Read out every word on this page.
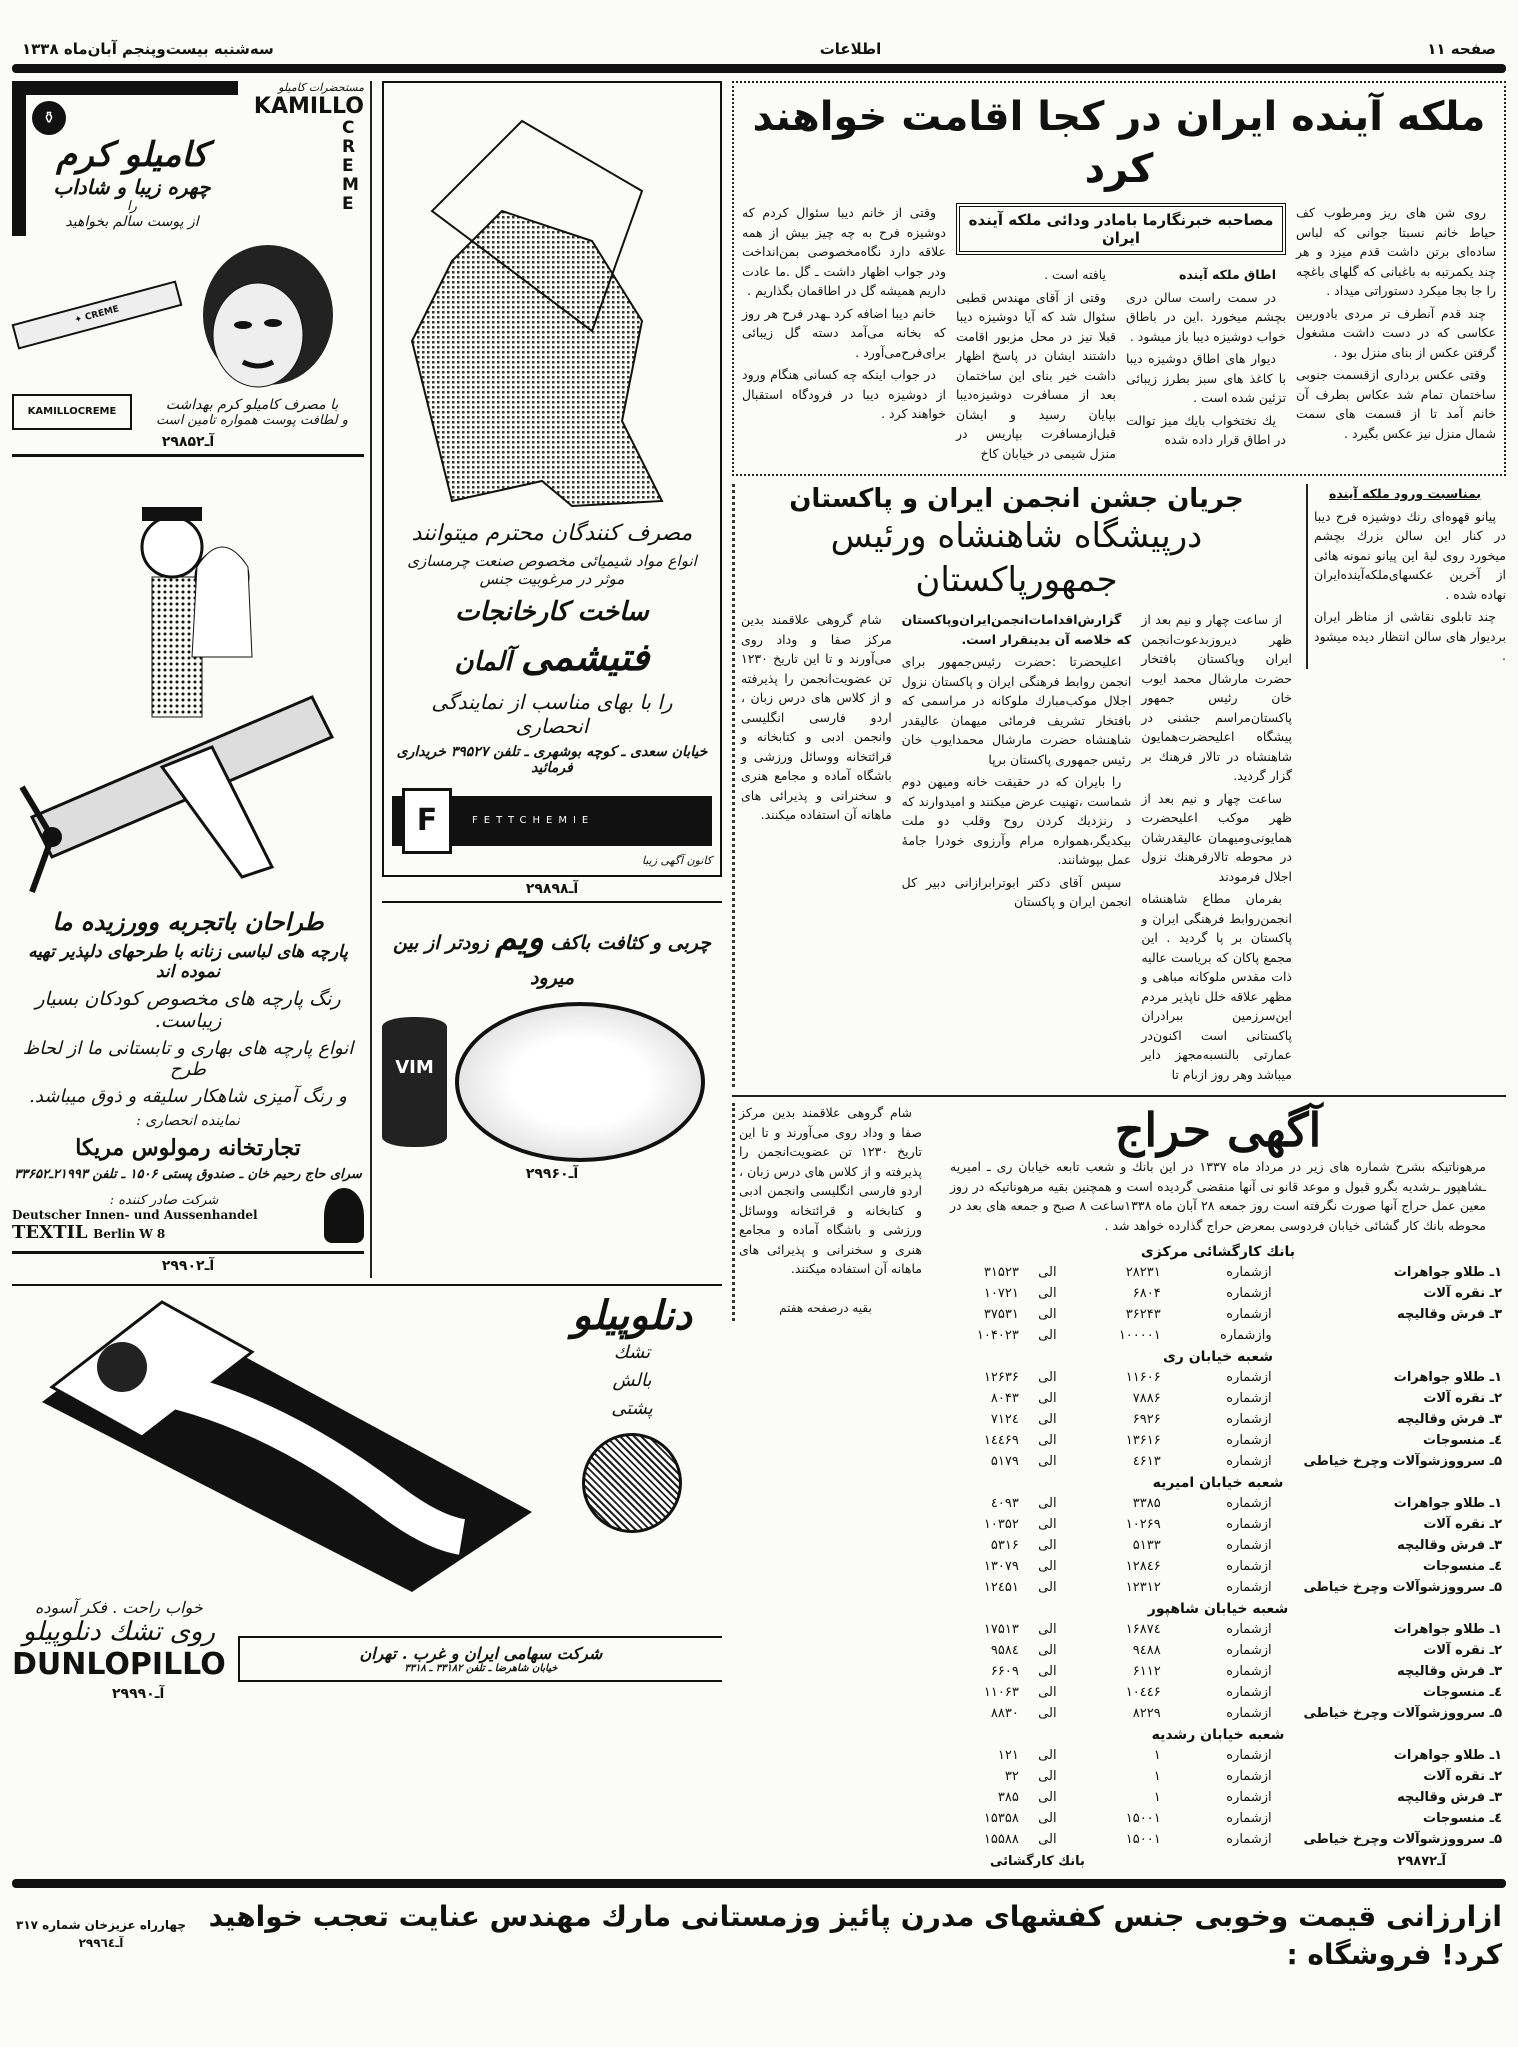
سه‌شنبه بیست‌وپنجم آبان‌ماه ۱۳۳۸	اطلاعات	صفحه ۱۱
⚱
کامیلو کرم
چهره زیبا و شاداب
را
از پوست سالم بخواهید
مستحضرات کامیلو
KAMILLO
CREME
✦ CREME
KAMILLOCREME	با مصرف کامیلو کرم بهداشت
و لطافت پوست همواره تامین است
آـ۲۹۸۵۲
طراحان باتجربه وورزیده ما
پارچه های لباسی زنانه با طرحهای دلپذیر تهیه نموده اند
رنگ پارچه های مخصوص کودکان بسیار زیباست.
انواع پارچه های بهاری و تابستانی ما از لحاظ طرح
و رنگ آمیزی شاهکار سلیقه و ذوق میباشد.
نماینده انحصاری :
تجارتخانه رمولوس مریکا
سرای حاج رحیم خان ـ صندوق پستی ۱۵۰۶ ـ تلفن ۲۱۹۹۳ـ۳۳۶۵۲
شرکت صادر کننده :
Deutscher Innen- und Aussenhandel
TEXTIL Berlin W 8
آـ۲۹۹۰۲
مصرف کنندگان محترم میتوانند
انواع مواد شیمیائی مخصوص صنعت چرمسازی موثر در مرغوبیت جنس
ساخت کارخانجات فتیشمی آلمان
را با بهای مناسب از نمایندگی انحصاری
خیابان سعدی ـ کوچه بوشهری ـ تلفن ۳۹۵۲۷ خریداری فرمائید
F	FETTCHEMIE
کانون آگهی زیبا
آـ۲۹۸۹۸
چربی و کثافت باکف ویم زودتر از بین میرود
VIM
آـ۲۹۹۶۰
دنلوپیلو
تشك
بالش
پشتی
خواب راحت . فکر آسوده
روی تشك دنلوپیلو
DUNLOPILLO	شرکت سهامی ایران و غرب . تهران
خیابان شاهرضا ـ تلفن ۳۳۱۸۲ ـ ۳۳۱۸
آـ۲۹۹۹۰
ملکه آینده ایران در کجا اقامت خواهند کرد

روی شن های ریز ومرطوب کف حیاط خانم نسبتا جوانی که لباس ساده‌ای برتن داشت قدم میزد و هر چند یکمرتبه به باغبانی که گلهای باغچه را جا بجا میکرد دستوراتی میداد .

چند قدم آنطرف تر مردی بادوربین عکاسی که در دست داشت مشغول گرفتن عکس از بنای منزل بود .

وقتی عکس برداری ازقسمت جنوبی ساختمان تمام شد عکاس بطرف آن خانم آمد تا از قسمت های سمت شمال منزل نیز عکس بگیرد .

مصاحبه خبرنگارما بامادر ودائی ملکه آینده ایران

وقتی از خانم دیبا سئوال کردم که دوشیزه فرح به چه چیز بیش از همه علاقه دارد نگاه‌مخصوصی بمن‌انداخت ودر جواب اظهار داشت ـ گل .ما عادت داریم همیشه گل در اطاقمان بگذاریم .

خانم دیبا اضافه کرد ـهدر فرح هر روز که بخانه می‌آمد دسته گل زیبائی برای‌فرح‌می‌آورد .

در جواب اینکه چه کسانی هنگام ورود از دوشیزه دیبا در فرودگاه استقبال خواهند کرد .

اطاق ملکه آینده

در سمت راست سالن دری بچشم میخورد .این در باطاق خواب دوشیزه دیبا باز میشود .

دیوار های اطاق دوشیزه دیبا با کاغذ های سبز بطرز زیبائی تزئین شده است .

یك تختخواب بایك میز توالت در اطاق قرار داده شده

یافته است .

وقتی از آقای مهندس قطبی سئوال شد که آیا دوشیزه دیبا قبلا نیز در محل مزبور اقامت داشتند ایشان در پاسخ اظهار داشت خیر بنای این ساختمان بعد از مسافرت دوشیزه‌دیبا بپایان رسید و ایشان قبل‌ازمسافرت بپاریس در منزل شیمی در خیابان کاخ

جریان جشن انجمن ایران و پاکستان
درپیشگاه شاهنشاه ورئیس جمهورپاکستان

از ساعت چهار و نیم بعد از ظهر دیروزبدعوت‌انجمن ایران وپاکستان بافتخار حضرت مارشال محمد ایوب خان رئیس جمهور پاکستان‌مراسم جشنی در پیشگاه اعلیحضرت‌همایون شاهنشاه در تالار فرهنك بر گزار گردید.

ساعت چهار و نیم بعد از ظهر موکب اعلیحضرت همایونی‌ومیهمان عالیقدرشان در محوطه تالارفرهنك نزول اجلال فرمودند

بفرمان مطاع شاهنشاه انجمن‌روابط فرهنگی ایران و پاکستان بر پا گردید . این مجمع پاکان که بریاست عالیه ذات مقدس ملوکانه مباهی و مظهر علاقه خلل ناپذیر مردم این‌سرزمین ببرادران پاکستانی است اکنون‌در عمارتی بالنسبه‌مجهز دایر میباشد وهر روز ازبام تا

گزارش‌اقدامات‌انجمن‌ایران‌وپاکستان که خلاصه آن بدینقرار است.

اعلیحضرتا :حضرت رئیس‌جمهور برای انجمن روابط فرهنگی ایران و پاکستان نزول اجلال موکب‌مبارك ملوکانه در مراسمی که بافتخار تشریف فرمائی میهمان عالیقدر شاهنشاه حضرت مارشال محمدایوب خان رئیس جمهوری پاکستان برپا

را بایران که در حقیقت خانه ومیهن دوم شماست ،تهنیت عرض میکنند و امیدوارند که د رنزدیك کردن روح وقلب دو ملت بیکدیگر،همواره مرام وآرزوی خودرا جامهٔ عمل بپوشانند.

سپس آقای دکتر ابوترابرازانی دبیر کل انجمن ایران و پاکستان

شام گروهی علاقمند بدین مرکز صفا و وداد روی می‌آورند و تا این تاریخ ۱۲۳۰ تن عضویت‌انجمن را پذیرفته و از کلاس های درس زبان ، اردو فارسی انگلیسی وانجمن ادبی و کتابخانه و قرائتخانه ووسائل ورزشی و باشگاه آماده و مجامع هنری و سخنرانی و پذیرائی های ماهانه آن استفاده میکنند.

بمناسبت ورود ملکه آینده

پیانو قهوه‌ای رنك دوشیزه فرح دیبا در کنار این سالن بزرك بچشم میخورد روی لبهٔ این پیانو نمونه هائی از آخرین عکسهای‌ملکه‌آینده‌ایران نهاده شده .

چند تابلوی نقاشی از مناظر ایران بردیوار های سالن انتظار دیده میشود .

شام گروهی علاقمند بدین مرکز صفا و وداد روی می‌آورند و تا این تاریخ ۱۲۳۰ تن عضویت‌انجمن را پذیرفته و از کلاس های درس زبان ، اردو فارسی انگلیسی وانجمن ادبی و کتابخانه و قرائتخانه ووسائل ورزشی و باشگاه آماده و مجامع هنری و سخنرانی و پذیرائی های ماهانه آن استفاده میکنند.

بقیه درصفحه هفتم

آگهی حراج

مرهوناتیکه بشرح شماره های زیر در مرداد ماه ۱۳۳۷ در این بانك و شعب تابعه خیابان ری ـ امیریه ـشاهپور ـرشدیه بگرو قبول و موعد قانو نی آنها منقضی گردیده است و همچنین بقیه مرهوناتیکه در روز معین عمل حراج آنها صورت نگرفته است روز جمعه ۲۸ آبان ماه ۱۳۳۸ساعت ۸ صبح و جمعه های بعد در محوطه بانك کار گشائی خیابان فردوسی بمعرض حراج گذارده خواهد شد .

بانك کارگشائی مرکزی				
۱ـ طلاو جواهرات	ازشماره	۲۸۲۳۱	الی	۳۱۵۲۳
۲ـ نقره آلات	ازشماره	۶۸۰۴	الی	۱۰۷۲۱
۳ـ فرش وقالیچه	ازشماره	۳۶۲۴۳	الی	۳۷۵۳۱
	وازشماره	۱۰۰۰۰۱	الی	۱۰۴۰۲۳
شعبه خیابان ری				
۱ـ طلاو جواهرات	ازشماره	۱۱۶۰۶	الی	۱۲۶۳۶
۲ـ نقره آلات	ازشماره	۷۸۸۶	الی	۸۰۴۳
۳ـ فرش وقالیچه	ازشماره	۶۹۲۶	الی	۷۱۲٤
٤ـ منسوجات	ازشماره	۱۳۶۱۶	الی	۱٤٤۶۹
۵ـ سرووزشوآلات وچرخ خیاطی	ازشماره	٤۶۱۳	الی	۵۱۷۹
شعبه خیابان امیریه				
۱ـ طلاو جواهرات	ازشماره	۳۳۸۵	الی	٤۰۹۳
۲ـ نقره آلات	ازشماره	۱۰۲۶۹	الی	۱۰۳۵۲
۳ـ فرش وقالیچه	ازشماره	۵۱۳۳	الی	۵۳۱۶
٤ـ منسوجات	ازشماره	۱۲۸٤۶	الی	۱۳۰۷۹
۵ـ سرووزشوآلات وچرخ خیاطی	ازشماره	۱۲۳۱۲	الی	۱۲٤۵۱
شعبه خیابان شاهپور				
۱ـ طلاو جواهرات	ازشماره	۱۶۸۷٤	الی	۱۷۵۱۳
۲ـ نقره آلات	ازشماره	۹٤۸۸	الی	۹۵۸٤
۳ـ فرش وقالیچه	ازشماره	۶۱۱۲	الی	۶۶۰۹
٤ـ منسوجات	ازشماره	۱۰٤٤۶	الی	۱۱۰۶۳
۵ـ سرووزشوآلات وچرخ خیاطی	ازشماره	۸۲۲۹	الی	۸۸۳۰
شعبه خیابان رشدیه				
۱ـ طلاو جواهرات	ازشماره	۱	الی	۱۲۱
۲ـ نقره آلات	ازشماره	۱	الی	۳۲
۳ـ فرش وقالیچه	ازشماره	۱	الی	۳۸۵
٤ـ منسوجات	ازشماره	۱۵۰۰۱	الی	۱۵۳۵۸
۵ـ سرووزشوآلات وچرخ خیاطی	ازشماره	۱۵۰۰۱	الی	۱۵۵۸۸
آـ۲۹۸۷۲
بانك کارگشائی
چهارراه عزیزخان شماره ۳۱۷
آـ۲۹۹٦٤
ازارزانی قیمت وخوبی جنس کفشهای مدرن پائیز وزمستانی مارك مهندس عنایت تعجب خواهید کرد! فروشگاه :
